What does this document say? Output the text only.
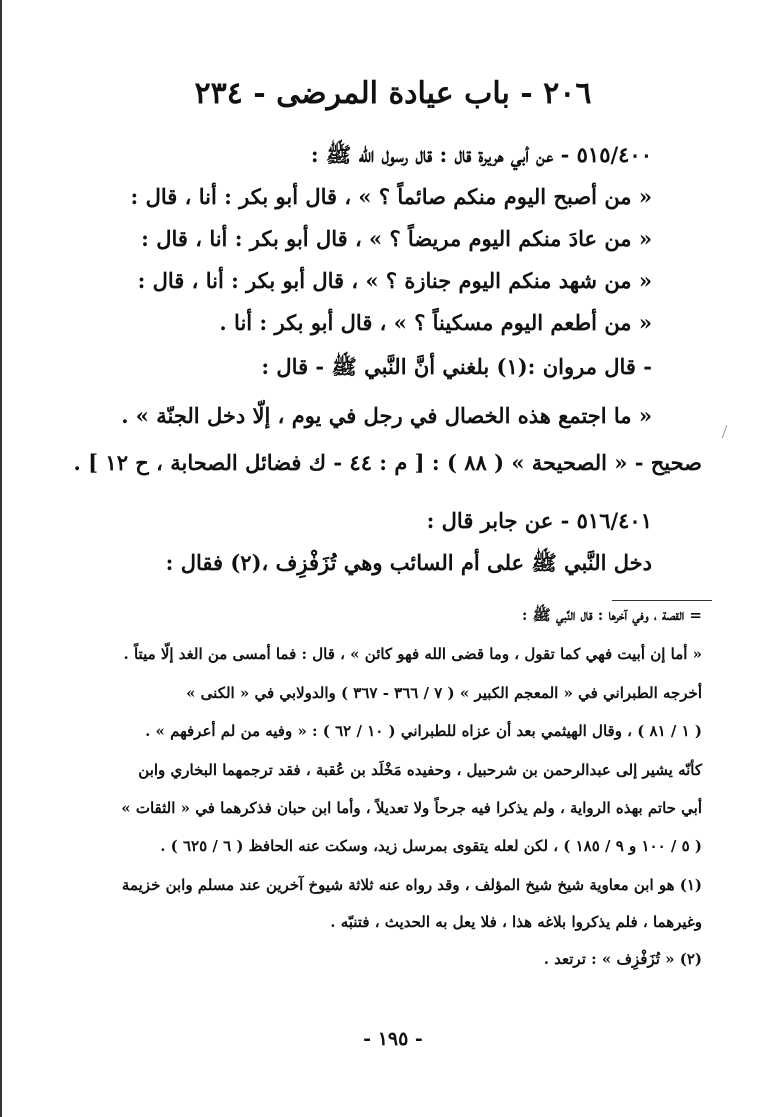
٢٠٦ - باب عيادة المرضى - ٢٣٤
٥١٥/٤٠٠ - عن أبي هريرة قال : قال رسول الله ﷺ :
« من أصبح اليوم منكم صائماً ؟ » ، قال أبو بكر : أنا ، قال :
« من عادَ منكم اليوم مريضاً ؟ » ، قال أبو بكر : أنا ، قال :
« من شهد منكم اليوم جنازة ؟ » ، قال أبو بكر : أنا ، قال :
« من أطعم اليوم مسكيناً ؟ » ، قال أبو بكر : أنا .
- قال مروان :(١) بلغني أنَّ النَّبي ﷺ - قال :
« ما اجتمع هذه الخصال في رجل في يوم ، إلّا دخل الجنّة » .
صحيح - « الصحيحة » ( ٨٨ ) : [ م : ٤٤ - ك فضائل الصحابة ، ح ١٢ ] .
٥١٦/٤٠١ - عن جابر قال :
دخل النَّبي ﷺ على أم السائب وهي تُزَفْزِف ،(٢) فقال :
= القصة ، وفي آخرها : قال النَّبي ﷺ :
« أما إن أبيت فهي كما تقول ، وما قضى الله فهو كائن » ، قال : فما أمسى من الغد إلّا ميتاً .
أخرجه الطبراني في « المعجم الكبير » ( ٧ / ٣٦٦ - ٣٦٧ ) والدولابي في « الكنى »
( ١ / ٨١ ) ، وقال الهيثمي بعد أن عزاه للطبراني ( ١٠ / ٦٢ ) : « وفيه من لم أعرفهم » .
كأنّه يشير إلى عبدالرحمن بن شرحبيل ، وحفيده مَخْلَد بن عُقبة ، فقد ترجمهما البخاري وابن
أبي حاتم بهذه الرواية ، ولم يذكرا فيه جرحاً ولا تعديلاً ، وأما ابن حبان فذكرهما في « الثقات »
( ٥ / ١٠٠ و ٩ / ١٨٥ ) ، لكن لعله يتقوى بمرسل زيد، وسكت عنه الحافظ ( ٦ / ٦٢٥ ) .
(١) هو ابن معاوية شيخ شيخ المؤلف ، وقد رواه عنه ثلاثة شيوخ آخرين عند مسلم وابن خزيمة
وغيرهما ، فلم يذكروا بلاغه هذا ، فلا يعل به الحديث ، فتنبّه .
(٢) « تُزَفْزِف » : ترتعد .
- ١٩٥ -
